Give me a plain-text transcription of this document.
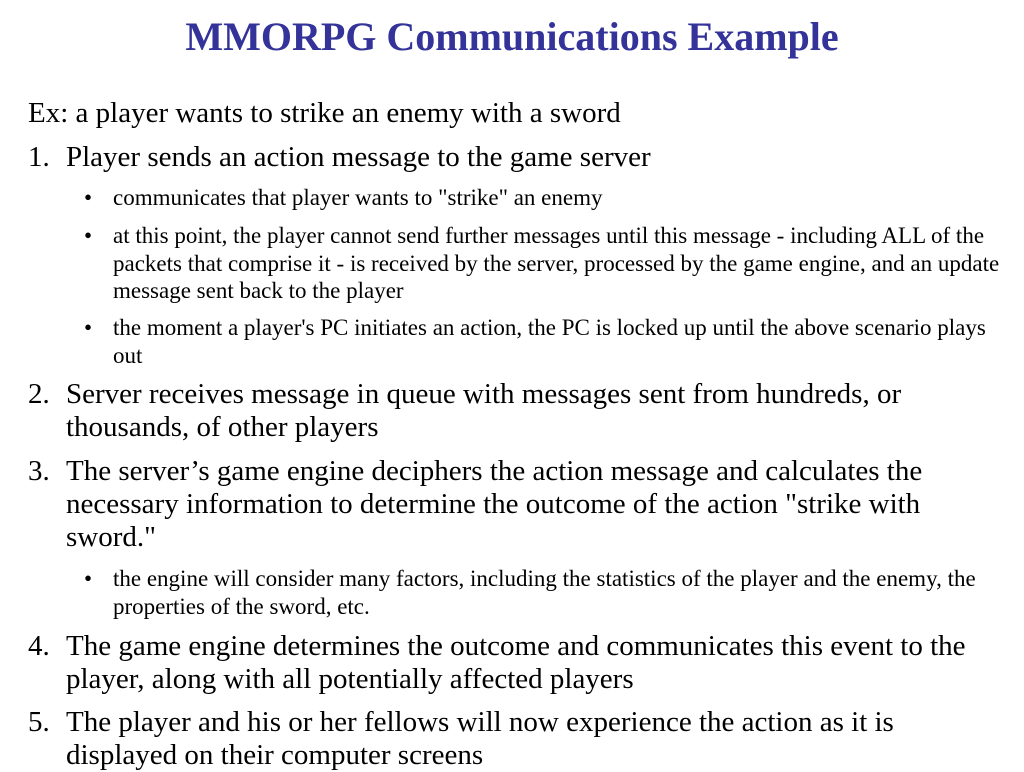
MMORPG Communications Example
Ex: a player wants to strike an enemy with a sword
1. Player sends an action message to the game server
• communicates that player wants to "strike" an enemy
• at this point, the player cannot send further messages until this message - including ALL of the packets that comprise it - is received by the server, processed by the game engine, and an update message sent back to the player
• the moment a player's PC initiates an action, the PC is locked up until the above scenario plays out
2. Server receives message in queue with messages sent from hundreds, or thousands, of other players
3. The server’s game engine deciphers the action message and calculates the necessary information to determine the outcome of the action "strike with sword."
• the engine will consider many factors, including the statistics of the player and the enemy, the properties of the sword, etc.
4. The game engine determines the outcome and communicates this event to the player, along with all potentially affected players
5. The player and his or her fellows will now experience the action as it is displayed on their computer screens
